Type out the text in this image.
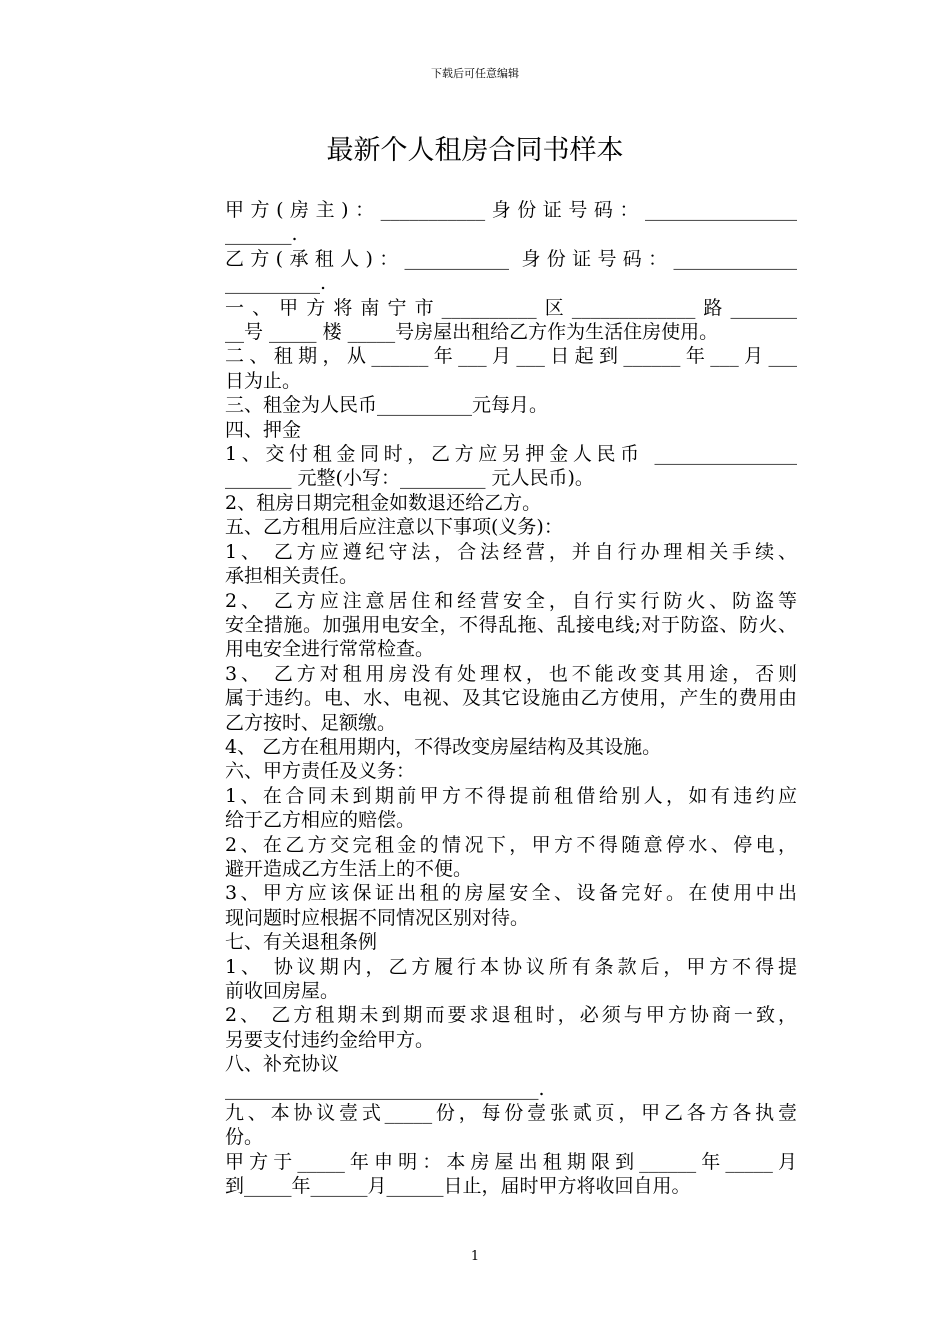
下载后可任意编辑
最新个人租房合同书样本

甲方(房主)：___________身份证号码：________________
_______.

乙方(承租人)：___________ 身份证号码：_____________
__________.

一、甲方将南宁市__________区_____________路_______
__号 _____ 楼 _____号房屋出租给乙方作为生活住房使用。

二、租期，从______年___月___日起到______年___月___
日为止。

三、租金为人民币__________元每月。

四、押金

1、交付租金同时，乙方应另押金人民币 _______________
_______ 元整(小写：_________ 元人民币)。

2、租房日期完租金如数退还给乙方。

五、乙方租用后应注意以下事项(义务)：

1、 乙方应遵纪守法，合法经营，并自行办理相关手续、
承担相关责任。

2、 乙方应注意居住和经营安全，自行实行防火、防盗等
安全措施。加强用电安全，不得乱拖、乱接电线;对于防盗、防火、
用电安全进行常常检查。

3、 乙方对租用房没有处理权，也不能改变其用途，否则
属于违约。电、水、电视、及其它设施由乙方使用，产生的费用由
乙方按时、足额缴。

4、 乙方在租用期内，不得改变房屋结构及其设施。

六、甲方责任及义务：

1、在合同未到期前甲方不得提前租借给别人，如有违约应
给于乙方相应的赔偿。

2、在乙方交完租金的情况下，甲方不得随意停水、停电，
避开造成乙方生活上的不便。

3、甲方应该保证出租的房屋安全、设备完好。在使用中出
现问题时应根据不同情况区别对待。

七、有关退租条例

1、 协议期内，乙方履行本协议所有条款后，甲方不得提
前收回房屋。

2、 乙方租期未到期而要求退租时，必须与甲方协商一致，
另要支付违约金给甲方。

八、补充协议

_________________________________.

九、本协议壹式_____份，每份壹张贰页，甲乙各方各执壹
份。

甲方于_____年申明：本房屋出租期限到______年_____月
到_____年______月______日止，届时甲方将收回自用。

1
